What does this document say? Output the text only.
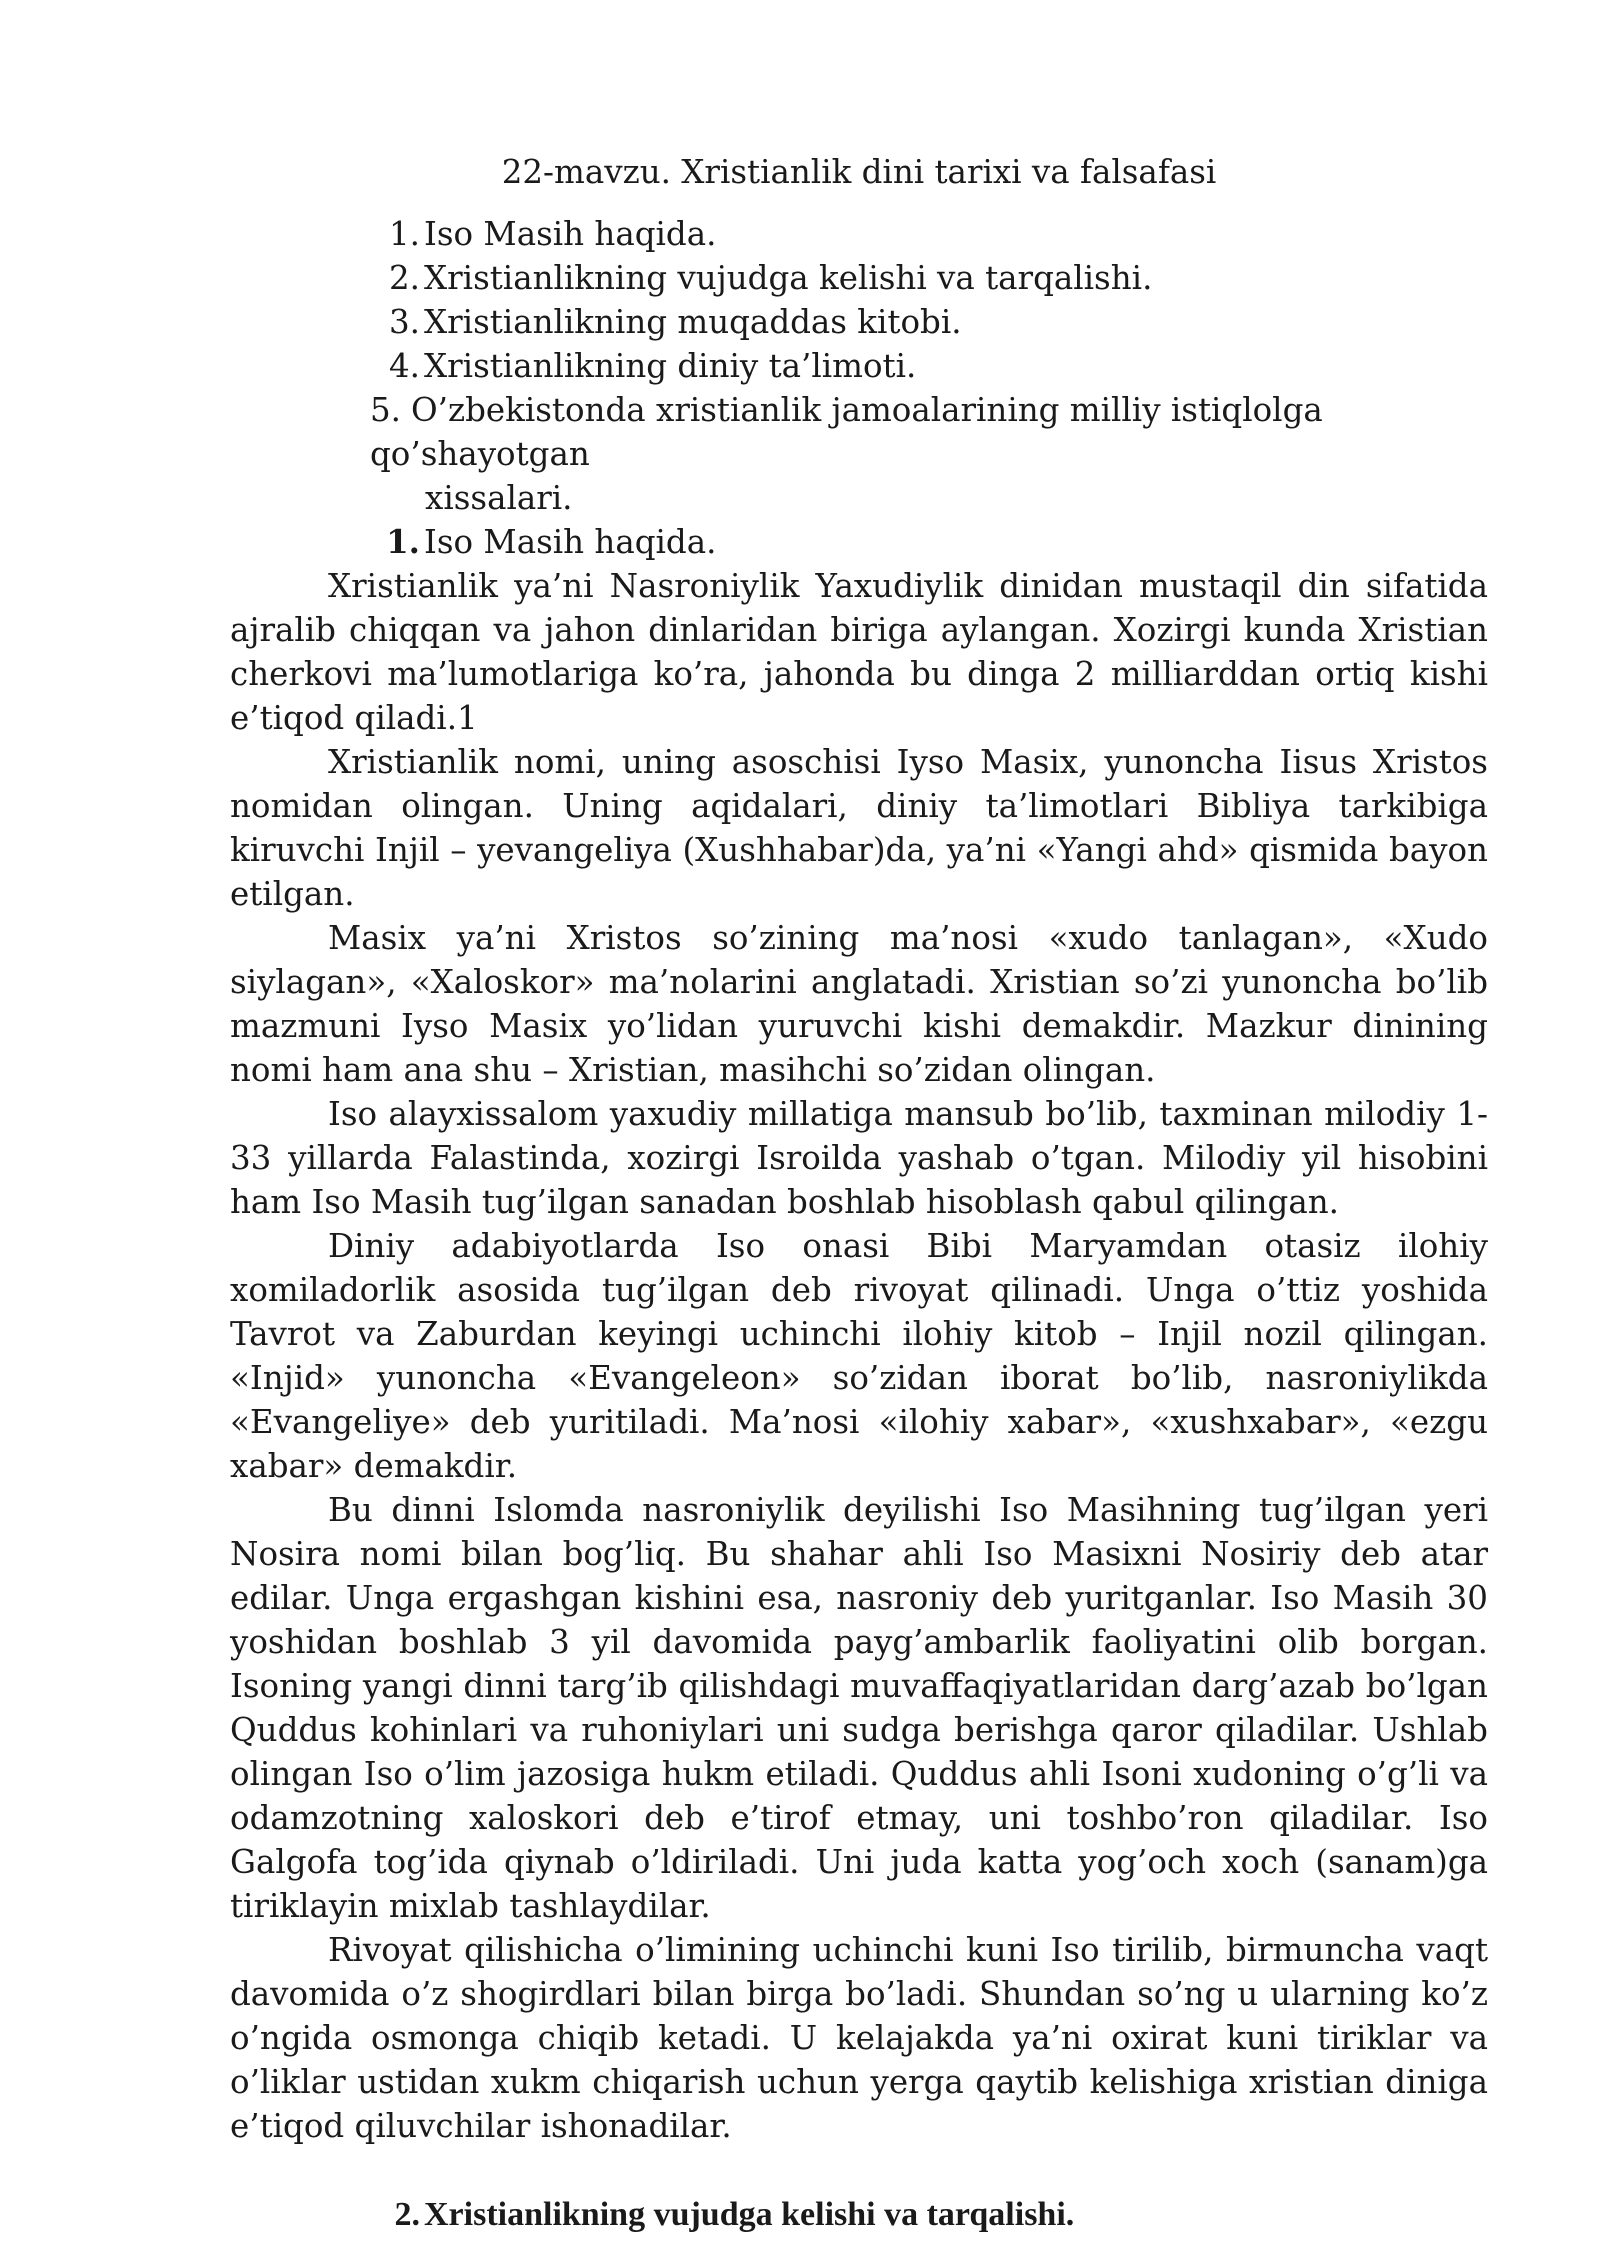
22-mavzu. Xristianlik dini tarixi va falsafasi
1. Iso Masih haqida.
2. Xristianlikning vujudga kelishi va tarqalishi.
3. Xristianlikning muqaddas kitobi.
4. Xristianlikning diniy ta’limoti.
5. O’zbekistonda xristianlik jamoalarining milliy istiqlolga qo’shayotgan
xissalari.
1. Iso Masih haqida.

Xristianlik ya’ni Nasroniylik Yaxudiylik dinidan mustaqil din sifatida ajralib chiqqan va jahon dinlaridan biriga aylangan. Xozirgi kunda Xristian cherkovi ma’lumotlariga ko’ra, jahonda bu dinga 2 milliarddan ortiq kishi e’tiqod qiladi.1

Xristianlik nomi, uning asoschisi Iyso Masix, yunoncha Iisus Xristos nomidan olingan. Uning aqidalari, diniy ta’limotlari Bibliya tarkibiga kiruvchi Injil – yevangeliya (Xushhabar)da, ya’ni «Yangi ahd» qismida bayon etilgan.

Masix ya’ni Xristos so’zining ma’nosi «xudo tanlagan», «Xudo siylagan», «Xaloskor» ma’nolarini anglatadi. Xristian so’zi yunoncha bo’lib mazmuni Iyso Masix yo’lidan yuruvchi kishi demakdir. Mazkur dinining nomi ham ana shu – Xristian, masihchi so’zidan olingan.

Iso alayxissalom yaxudiy millatiga mansub bo’lib, taxminan milodiy 1-33 yillarda Falastinda, xozirgi Isroilda yashab o’tgan. Milodiy yil hisobini ham Iso Masih tug’ilgan sanadan boshlab hisoblash qabul qilingan.

Diniy adabiyotlarda Iso onasi Bibi Maryamdan otasiz ilohiy xomiladorlik asosida tug’ilgan deb rivoyat qilinadi. Unga o’ttiz yoshida Tavrot va Zaburdan keyingi uchinchi ilohiy kitob – Injil nozil qilingan. «Injid» yunoncha «Evangeleon» so’zidan iborat bo’lib, nasroniylikda «Evangeliye» deb yuritiladi. Ma’nosi «ilohiy xabar», «xushxabar», «ezgu xabar» demakdir.

Bu dinni Islomda nasroniylik deyilishi Iso Masihning tug’ilgan yeri Nosira nomi bilan bog’liq. Bu shahar ahli Iso Masixni Nosiriy deb atar edilar. Unga ergashgan kishini esa, nasroniy deb yuritganlar. Iso Masih 30 yoshidan boshlab 3 yil davomida payg’ambarlik faoliyatini olib borgan. Isoning yangi dinni targ’ib qilishdagi muvaffaqiyatlaridan darg’azab bo’lgan Quddus kohinlari va ruhoniylari uni sudga berishga qaror qiladilar. Ushlab olingan Iso o’lim jazosiga hukm etiladi. Quddus ahli Isoni xudoning o’g’li va odamzotning xaloskori deb e’tirof etmay, uni toshbo’ron qiladilar. Iso Galgofa tog’ida qiynab o’ldiriladi. Uni juda katta yog’och xoch (sanam)ga tiriklayin mixlab tashlaydilar.

Rivoyat qilishicha o’limining uchinchi kuni Iso tirilib, birmuncha vaqt davomida o’z shogirdlari bilan birga bo’ladi. Shundan so’ng u ularning ko’z o’ngida osmonga chiqib ketadi. U kelajakda ya’ni oxirat kuni tiriklar va o’liklar ustidan xukm chiqarish uchun yerga qaytib kelishiga xristian diniga e’tiqod qiluvchilar ishonadilar.

2. Xristianlikning vujudga kelishi va tarqalishi.
